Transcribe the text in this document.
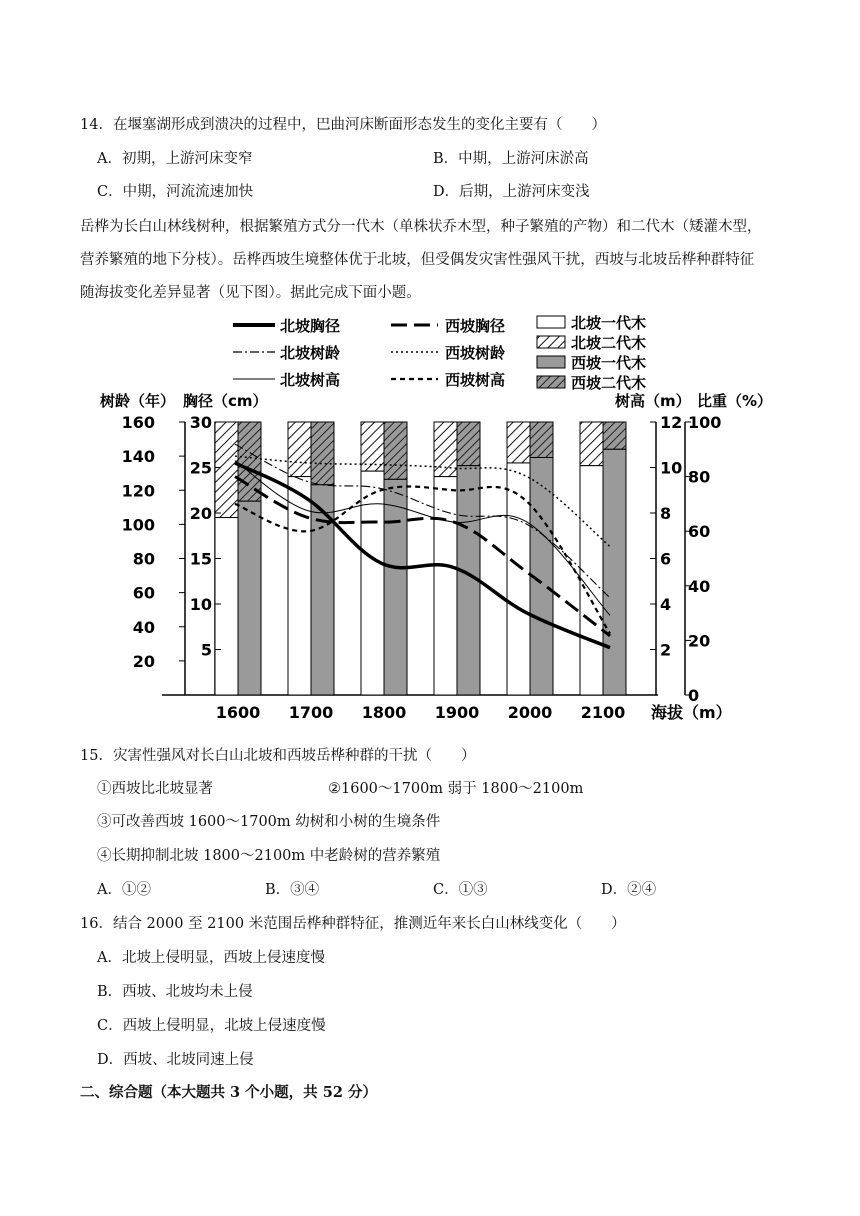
14．在堰塞湖形成到溃决的过程中，巴曲河床断面形态发生的变化主要有（　　）
A．初期，上游河床变窄	B．中期，上游河床淤高
C．中期，河流流速加快	D．后期，上游河床变浅
岳桦为长白山林线树种，根据繁殖方式分一代木（单株状乔木型，种子繁殖的产物）和二代木（矮灌木型，
营养繁殖的地下分枝）。岳桦西坡生境整体优于北坡，但受偶发灾害性强风干扰，西坡与北坡岳桦种群特征
随海拔变化差异显著（见下图）。据此完成下面小题。
北坡胸径
北坡树龄
北坡树高
西坡胸径
西坡树龄
西坡树高
北坡一代木
北坡二代木
西坡一代木
西坡二代木
树龄（年） 胸径（cm）	树高（m） 比重（%）
1600 1700 1800 1900 2000 2100
20
40
60
80
100
120
140
160
5
10
15
20
25
30
2
4
6
8
10
12
0
20
40
60
80
100
海拔（m）
15．灾害性强风对长白山北坡和西坡岳桦种群的干扰（　　）
①西坡比北坡显著	②1600～1700m 弱于 1800～2100m
③可改善西坡 1600～1700m 幼树和小树的生境条件
④长期抑制北坡 1800～2100m 中老龄树的营养繁殖
A．①②	B．③④	C．①③	D．②④
16．结合 2000 至 2100 米范围岳桦种群特征，推测近年来长白山林线变化（　　）
A．北坡上侵明显，西坡上侵速度慢
B．西坡、北坡均未上侵
C．西坡上侵明显，北坡上侵速度慢
D．西坡、北坡同速上侵
二、综合题（本大题共 3 个小题，共 52 分）
